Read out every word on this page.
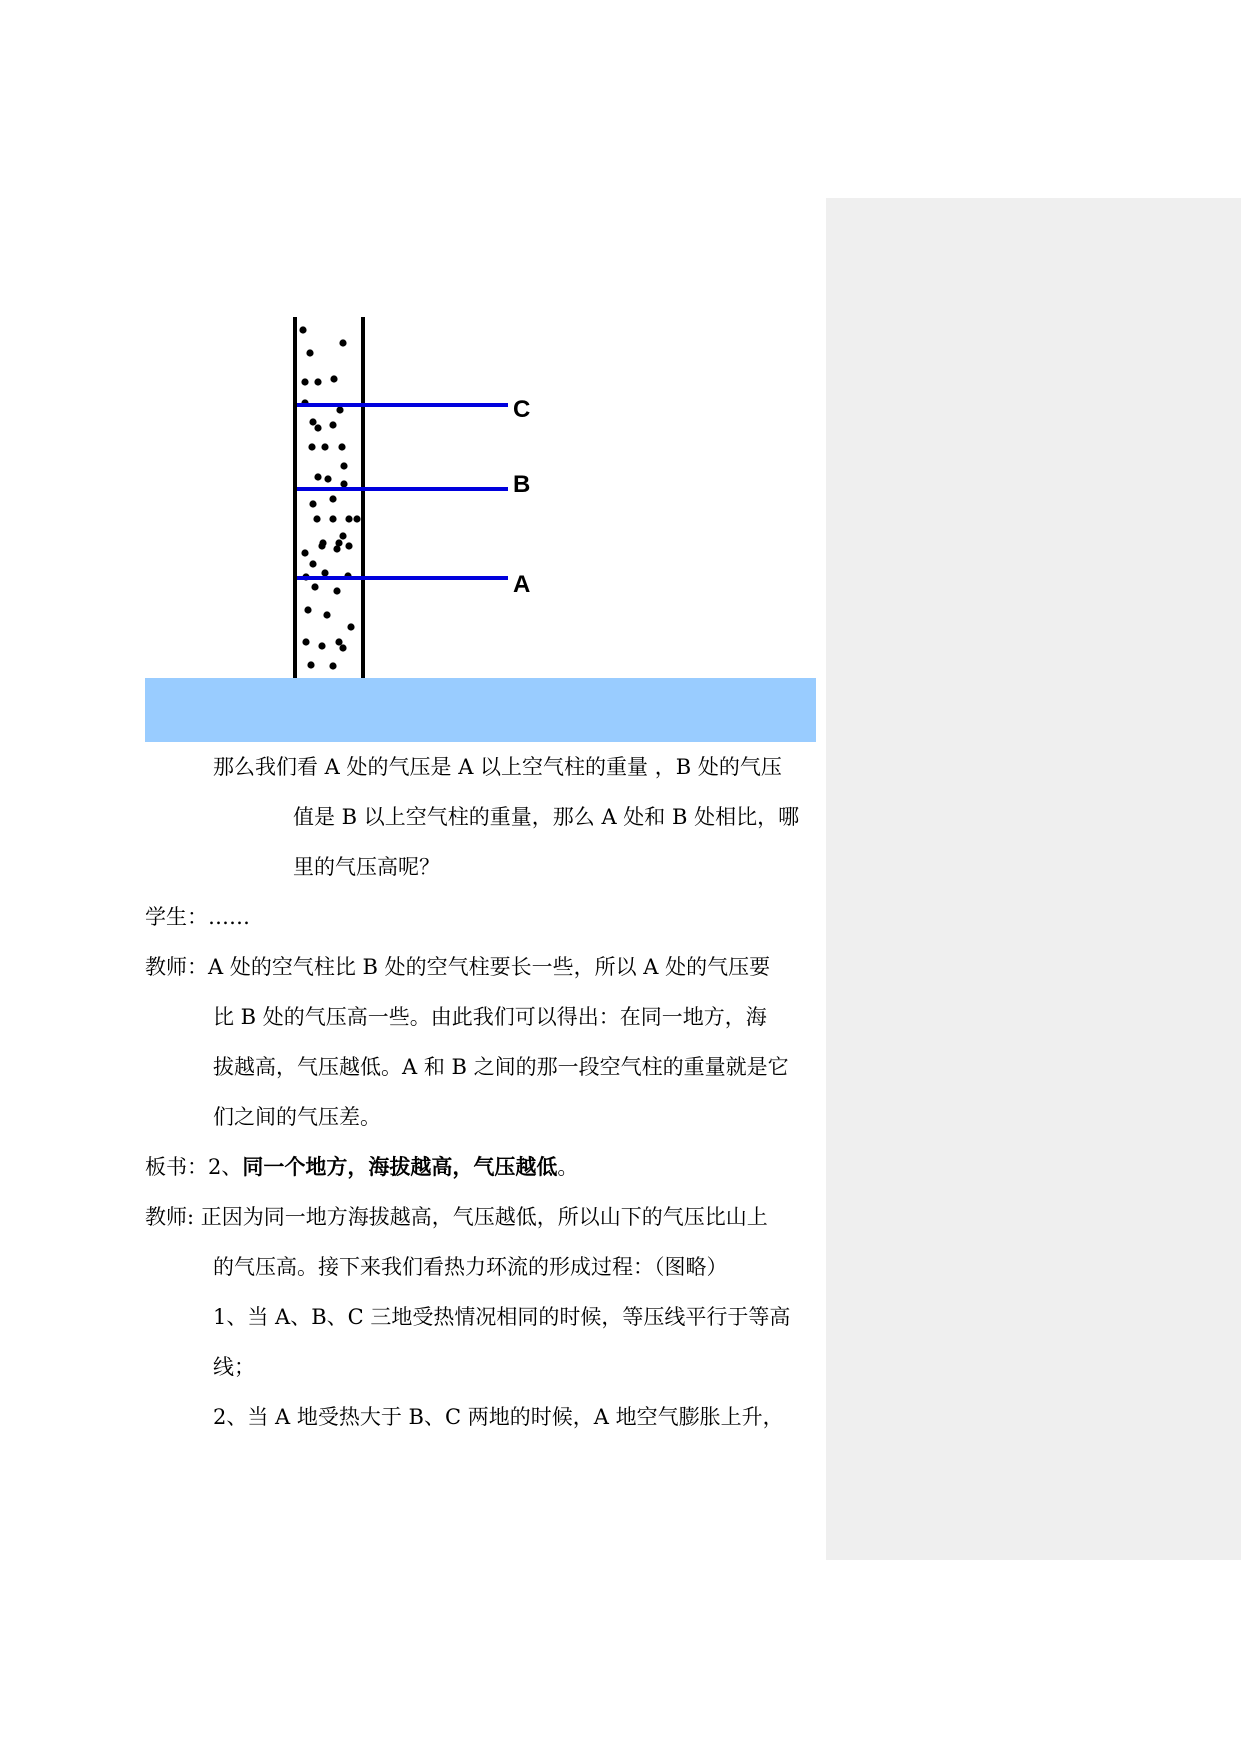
C
B
A
那么我们看 A 处的气压是 A 以上空气柱的重量 ，B 处的气压
值是 B 以上空气柱的重量，那么 A 处和 B 处相比，哪
里的气压高呢？
学生：……
教师：A 处的空气柱比 B 处的空气柱要长一些，所以 A 处的气压要
比 B 处的气压高一些。由此我们可以得出：在同一地方，海
拔越高，气压越低。A 和 B 之间的那一段空气柱的重量就是它
们之间的气压差。
板书：2、同一个地方，海拔越高，气压越低。
教师: 正因为同一地方海拔越高，气压越低，所以山下的气压比山上
的气压高。接下来我们看热力环流的形成过程：（图略）
1、当 A、B、C 三地受热情况相同的时候，等压线平行于等高
线；
2、当 A 地受热大于 B、C 两地的时候，A 地空气膨胀上升，
